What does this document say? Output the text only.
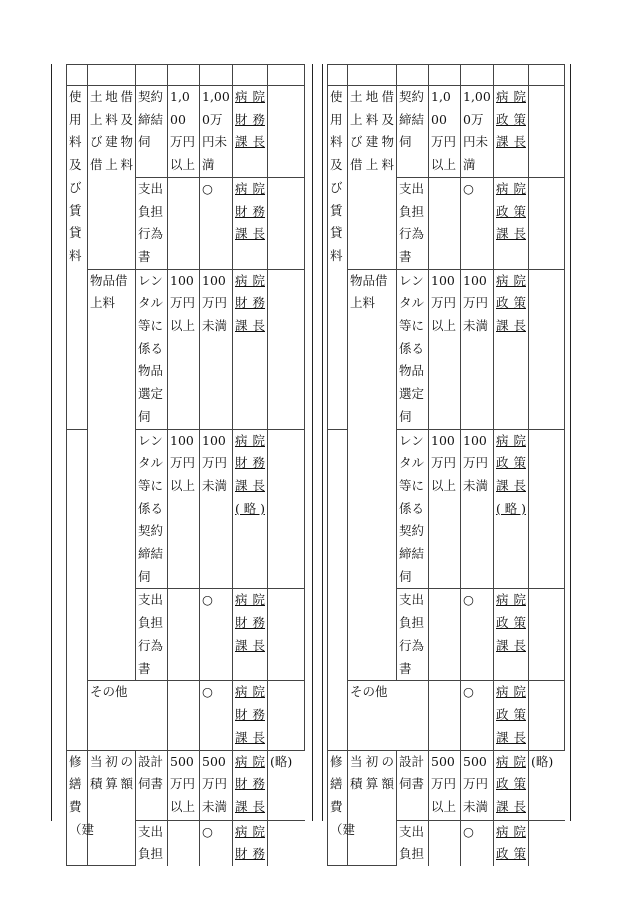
使用料及び賃貸料	土地借上料及び建物借上料	契約締結伺	1,000万円以上	1,000万円未満	病院財務課長	

		支出負担行為書		○	病院財務課長	

	物品借上料	レンタル等に係る物品選定伺	100万円以上	100万円未満	病院財務課長	

		レンタル等に係る契約締結伺	100万円以上	100万円未満	病院財務課長(略)	

		支出負担行為書		○	病院財務課長	

	その他			○	病院財務課長	

修繕費（建	当初の積算額	設計伺書	500万円以上	500万円未満	病院財務課長	(略)

		支出負担		○	病院財務	

使用料及び賃貸料	土地借上料及び建物借上料	契約締結伺	1,000万円以上	1,000万円未満	病院政策課長	

		支出負担行為書		○	病院政策課長	

	物品借上料	レンタル等に係る物品選定伺	100万円以上	100万円未満	病院政策課長	

		レンタル等に係る契約締結伺	100万円以上	100万円未満	病院政策課長(略)	

		支出負担行為書		○	病院政策課長	

	その他			○	病院政策課長	

修繕費（建	当初の積算額	設計伺書	500万円以上	500万円未満	病院政策課長	(略)

		支出負担		○	病院政策	
